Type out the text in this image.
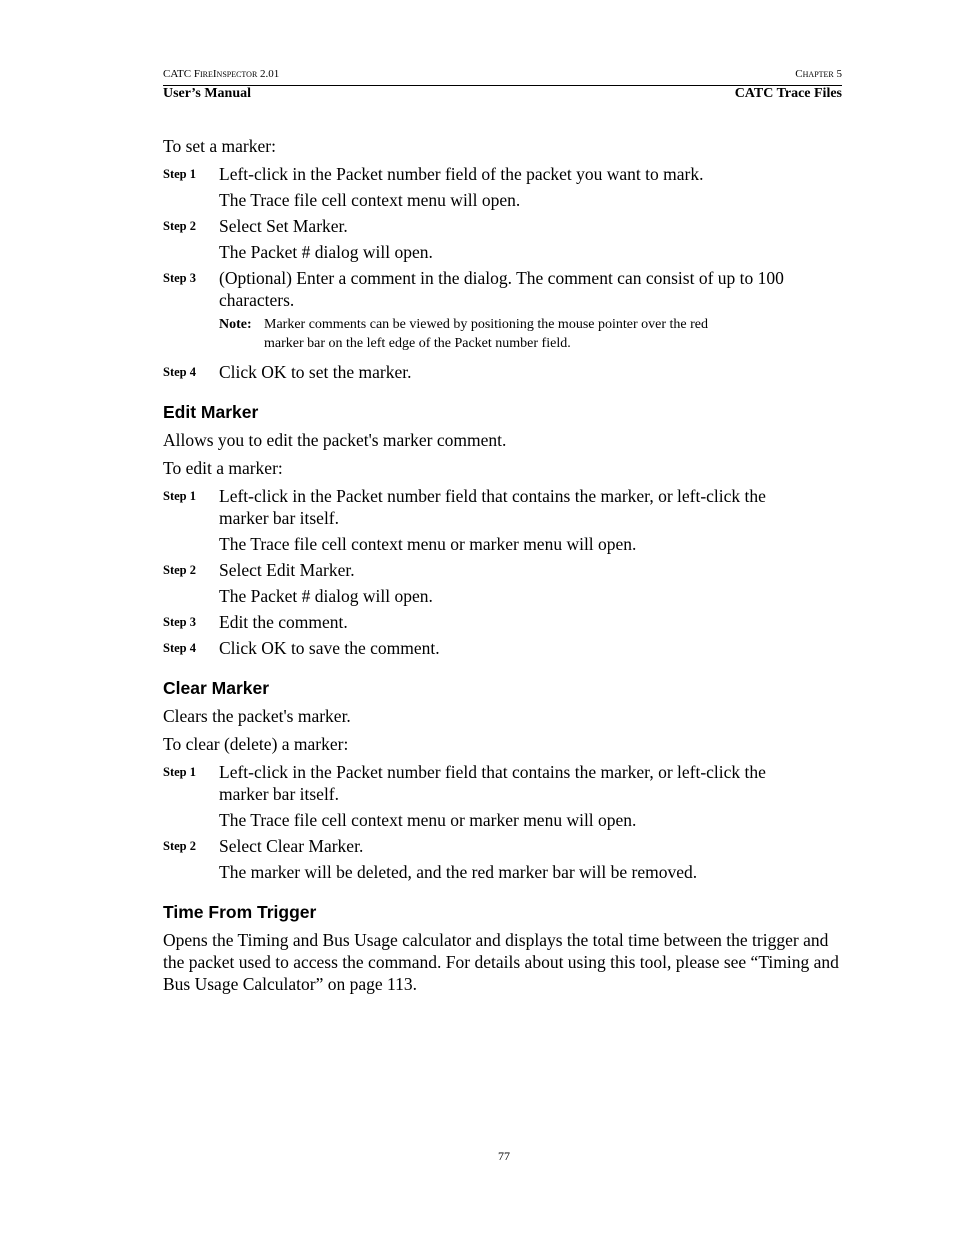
CATC FireInspector 2.01	Chapter 5
User’s Manual	CATC Trace Files

To set a marker:

Step 1	Left-click in the Packet number field of the packet you want to mark.

The Trace file cell context menu will open.

Step 2	Select Set Marker.

The Packet # dialog will open.

Step 3	(Optional) Enter a comment in the dialog. The comment can consist of up to 100 characters.
Note: Marker comments can be viewed by positioning the mouse pointer over the red marker bar on the left edge of the Packet number field.
Step 4	Click OK to set the marker.
Edit Marker

Allows you to edit the packet's marker comment.

To edit a marker:

Step 1	Left-click in the Packet number field that contains the marker, or left-click the marker bar itself.

The Trace file cell context menu or marker menu will open.

Step 2	Select Edit Marker.

The Packet # dialog will open.

Step 3	Edit the comment.
Step 4	Click OK to save the comment.
Clear Marker

Clears the packet's marker.

To clear (delete) a marker:

Step 1	Left-click in the Packet number field that contains the marker, or left-click the marker bar itself.

The Trace file cell context menu or marker menu will open.

Step 2	Select Clear Marker.

The marker will be deleted, and the red marker bar will be removed.

Time From Trigger

Opens the Timing and Bus Usage calculator and displays the total time between the trigger and the packet used to access the command. For details about using this tool, please see “Timing and Bus Usage Calculator” on page 113.

77
